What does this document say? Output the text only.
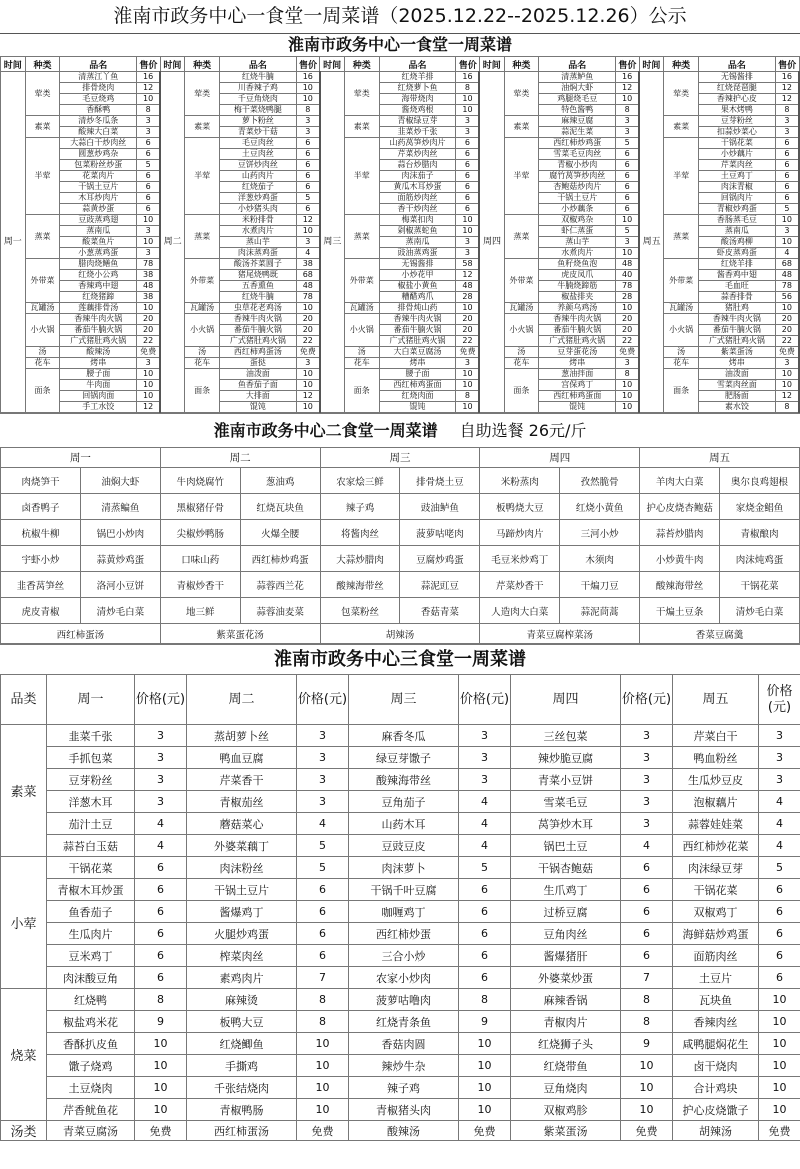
淮南市政务中心一食堂一周菜谱（2025.12.22--2025.12.26）公示
淮南市政务中心一食堂一周菜谱
时间	种类	品名	售价	时间	种类	品名	售价	时间	种类	品名	售价	时间	种类	品名	售价	时间	种类	品名	售价
周一	荤类	清蒸江丫鱼	16	周二	荤类	红烧牛腩	16	周三	荤类	红烧羊排	16	周四	荤类	清蒸鲈鱼	16	周五	荤类	无锡酱排	16
		排骨烧肉	12			川香辣子鸡	10			红烧萝卜鱼	8			油焖大虾	12			红烧琵琶腿	12
		毛豆烧鸡	10			千豆角烧肉	10			海带烧肉	10			鸡腿烧毛豆	10			香辣护心皮	12
		香酥鸭	8			梅干菜烧鸭腿	8			酱烧鸡根	10			特色酱鸭	8			果木烤鸭	8
	素菜	清炒冬瓜条	3		素菜	萝卜粉丝	3		素菜	青椒绿豆芽	3		素菜	麻辣豆腐	3		素菜	豆芽粉丝	3
		酸辣大白菜	3			青菜炒干菇	3			韭菜炒千张	3			蒜泥生菜	3			扣蒜炒菜心	3
	半荤	大蒜白干炒肉丝	6		半荤	毛豆肉丝	6		半荤	山药莴笋炒肉片	6		半荤	西红柿炒鸡蛋	5		半荤	干锅花菜	6
		圆葱炒鸡杂	6			土豆肉丝	6			芹菜炒肉丝	6			雪菜毛豆肉丝	6			小炒藕片	6
		包菜粉丝炒蛋	5			豆饼炒肉丝	6			蒜台炒腊肉	6			青椒小炒肉	6			芹菜肉丝	6
		花菜肉片	6			山药肉片	6			肉沫茄子	6			腐竹莴笋炒肉丝	6			土豆鸡丁	6
		干锅土豆片	6			红烧茄子	6			黄瓜木耳炒蛋	6			杏鲍菇炒肉片	6			肉沫青椒	6
		木耳炒肉片	6			洋葱炒鸡蛋	5			面筋炒肉丝	6			干锅土豆片	6			回锅肉片	6
		蒜黄炒蛋	6			小炒猪头肉	6			香干炒肉丝	6			小炒藕条	6			青椒炒鸡蛋	5
	蒸菜	豆豉蒸鸡翅	10		蒸菜	米粉排骨	12		蒸菜	梅菜扣肉	10		蒸菜	双椒鸡杂	10		蒸菜	香肠蒸毛豆	10
		蒸南瓜	3			水煮肉片	10			剁椒蒸蛇鱼	10			虾仁蒸蛋	5			蒸南瓜	3
		酸菜鱼片	10			蒸山芋	3			蒸南瓜	3			蒸山芋	3			酸汤鸡柳	10
		小葱蒸鸡蛋	3			肉沫蒸鸡蛋	4			豉油蒸鸡蛋	3			水煮肉片	10			虾皮蒸鸡蛋	4
	外带菜	腊肉烧鳝鱼	78		外带菜	酸汤芥菜圆子	38		外带菜	无锡酱排	58		外带菜	鱼籽烧鱼泡	48		外带菜	红烧羊排	68
		红烧小公鸡	38			猪尾烧鸭既	68			小炒花甲	12			虎皮凤爪	40			酱香鸡中翅	48
		香辣鸡中翅	48			五香熏鱼	48			椒盐小黄鱼	48			牛腩烧蹄筋	78			毛血旺	78
		红烧猪蹄	38			红烧牛腩	78			糟醋鸡爪	28			椒盐排夹	28			蒜香排骨	56
	瓦罐汤	莲藕排骨汤	10		瓦罐汤	虫草花老鸡汤	10		瓦罐汤	排骨炖山药	10		瓦罐汤	养颜乌鸡汤	10		瓦罐汤	猪肚鸡	10
	小火锅	香辣牛肉火锅	20		小火锅	香辣牛肉火锅	20		小火锅	香辣牛肉火锅	20		小火锅	香辣牛肉火锅	20		小火锅	香辣牛肉火锅	20
		番茄牛腩火锅	20			番茄牛腩火锅	20			番茄牛腩火锅	20			番茄牛腩火锅	20			番茄牛腩火锅	20
		广式猪肚鸡火锅	22			广式猪肚鸡火锅	22			广式猪肚鸡火锅	22			广式猪肚鸡火锅	22			广式猪肚鸡火锅	22
	汤	酸辣汤	免费		汤	西红柿鸡蛋汤	免费		汤	大白菜豆腐汤	免费		汤	豆芽蛋花汤	免费		汤	紫菜蛋汤	免费
	花车	烤串	3		花车	蛋挞	3		花车	烤串	3		花车	烤串	3		花车	烤串	3
	面条	腰子面	10		面条	油泼面	10		面条	腰子面	10		面条	葱油拌面	8		面条	油泼面	10
		牛肉面	10			鱼香茄子面	10			西红柿鸡蛋面	10			宫保鸡丁	10			雪菜肉丝面	10
		回锅肉面	10			大排面	12			红烧肉面	8			西红柿鸡蛋面	10			肥肠面	12
		手工水饺	12			馄饨	10			馄饨	10			馄饨	10			素水饺	8
淮南市政务中心二食堂一周菜谱 自助选餐 26元/斤
周一		周二		周三		周四		周五	
肉烧笋干	油焖大虾	牛肉烧腐竹	葱油鸡	农家烩三鲜	排骨烧土豆	米粉蒸肉	孜然脆骨	羊肉大白菜	奥尔良鸡翅根
卤香鸭子	清蒸鳊鱼	黑椒猪仔骨	红烧瓦块鱼	辣子鸡	豉油鲈鱼	板鸭烧大豆	红烧小黄鱼	护心皮烧杏鲍菇	家烧金鲳鱼
杭椒牛柳	锅巴小炒肉	尖椒炒鸭肠	火爆全腰	将酱肉丝	菠萝咕咾肉	马蹄炒肉片	三河小炒	蒜苔炒腊肉	青椒酿肉
宇虾小炒	蒜黄炒鸡蛋	口味山药	西红柿炒鸡蛋	大蒜炒腊肉	豆腐炒鸡蛋	毛豆米炒鸡丁	木须肉	小炒黄牛肉	肉沫炖鸡蛋
韭香莴笋丝	洛河小豆饼	青椒炒香干	蒜蓉西兰花	酸辣海带丝	蒜泥豇豆	芹菜炒香干	干煸刀豆	酸辣海带丝	干锅花菜
虎皮青椒	清炒毛白菜	地三鲜	蒜蓉油麦菜	包菜粉丝	香菇青菜	人造肉大白菜	蒜泥茼蒿	干煸土豆条	清炒毛白菜
西红柿蛋汤		紫菜蛋花汤		胡辣汤		青菜豆腐榨菜汤		香菜豆腐羹	
淮南市政务中心三食堂一周菜谱
品类	周一	价格(元)	周二	价格(元)	周三	价格(元)	周四	价格(元)	周五	价格(元)
素菜	韭菜千张	3	蒸胡萝卜丝	3	麻香冬瓜	3	三丝包菜	3	芹菜白干	3
	手抓包菜	3	鸭血豆腐	3	绿豆芽馓子	3	辣炒脆豆腐	3	鸭血粉丝	3
	豆芽粉丝	3	芹菜香干	3	酸辣海带丝	3	青菜小豆饼	3	生瓜炒豆皮	3
	洋葱木耳	3	青椒茄丝	3	豆角茄子	4	雪菜毛豆	3	泡椒藕片	4
	茄汁土豆	4	蘑菇菜心	4	山药木耳	4	莴笋炒木耳	3	蒜蓉娃娃菜	4
	蒜苔白玉菇	4	外婆菜藕丁	5	豆豉豆皮	4	锅巴土豆	4	西红柿炒花菜	4
小荤	干锅花菜	6	肉沫粉丝	5	肉沫萝卜	5	干锅杏鲍菇	6	肉沫绿豆芽	5
	青椒木耳炒蛋	6	干锅土豆片	6	干锅千叶豆腐	6	生爪鸡丁	6	干锅花菜	6
	鱼香茄子	6	酱爆鸡丁	6	咖喱鸡丁	6	过桥豆腐	6	双椒鸡丁	6
	生瓜肉片	6	火腿炒鸡蛋	6	西红柿炒蛋	6	豆角肉丝	6	海鲜菇炒鸡蛋	6
	豆米鸡丁	6	榨菜肉丝	6	三合小炒	6	酱爆猪肝	6	面筋肉丝	6
	肉沫酸豆角	6	素鸡肉片	7	农家小炒肉	6	外婆菜炒蛋	7	土豆片	6
烧菜	红烧鸭	8	麻辣烫	8	菠萝咕噜肉	8	麻辣香锅	8	瓦块鱼	10
	椒盐鸡米花	9	板鸭大豆	8	红烧青条鱼	9	青椒肉片	8	香辣肉丝	10
	香酥扒皮鱼	10	红烧鲫鱼	10	香菇肉圆	10	红烧狮子头	9	咸鸭腿焖花生	10
	馓子烧鸡	10	手撕鸡	10	辣炒牛杂	10	红烧带鱼	10	卤干烧肉	10
	土豆烧肉	10	千张结烧肉	10	辣子鸡	10	豆角烧肉	10	合计鸡块	10
	芹香鱿鱼花	10	青椒鸭肠	10	青椒猪头肉	10	双椒鸡胗	10	护心皮烧馓子	10
汤类	青菜豆腐汤	免费	西红柿蛋汤	免费	酸辣汤	免费	紫菜蛋汤	免费	胡辣汤	免费
